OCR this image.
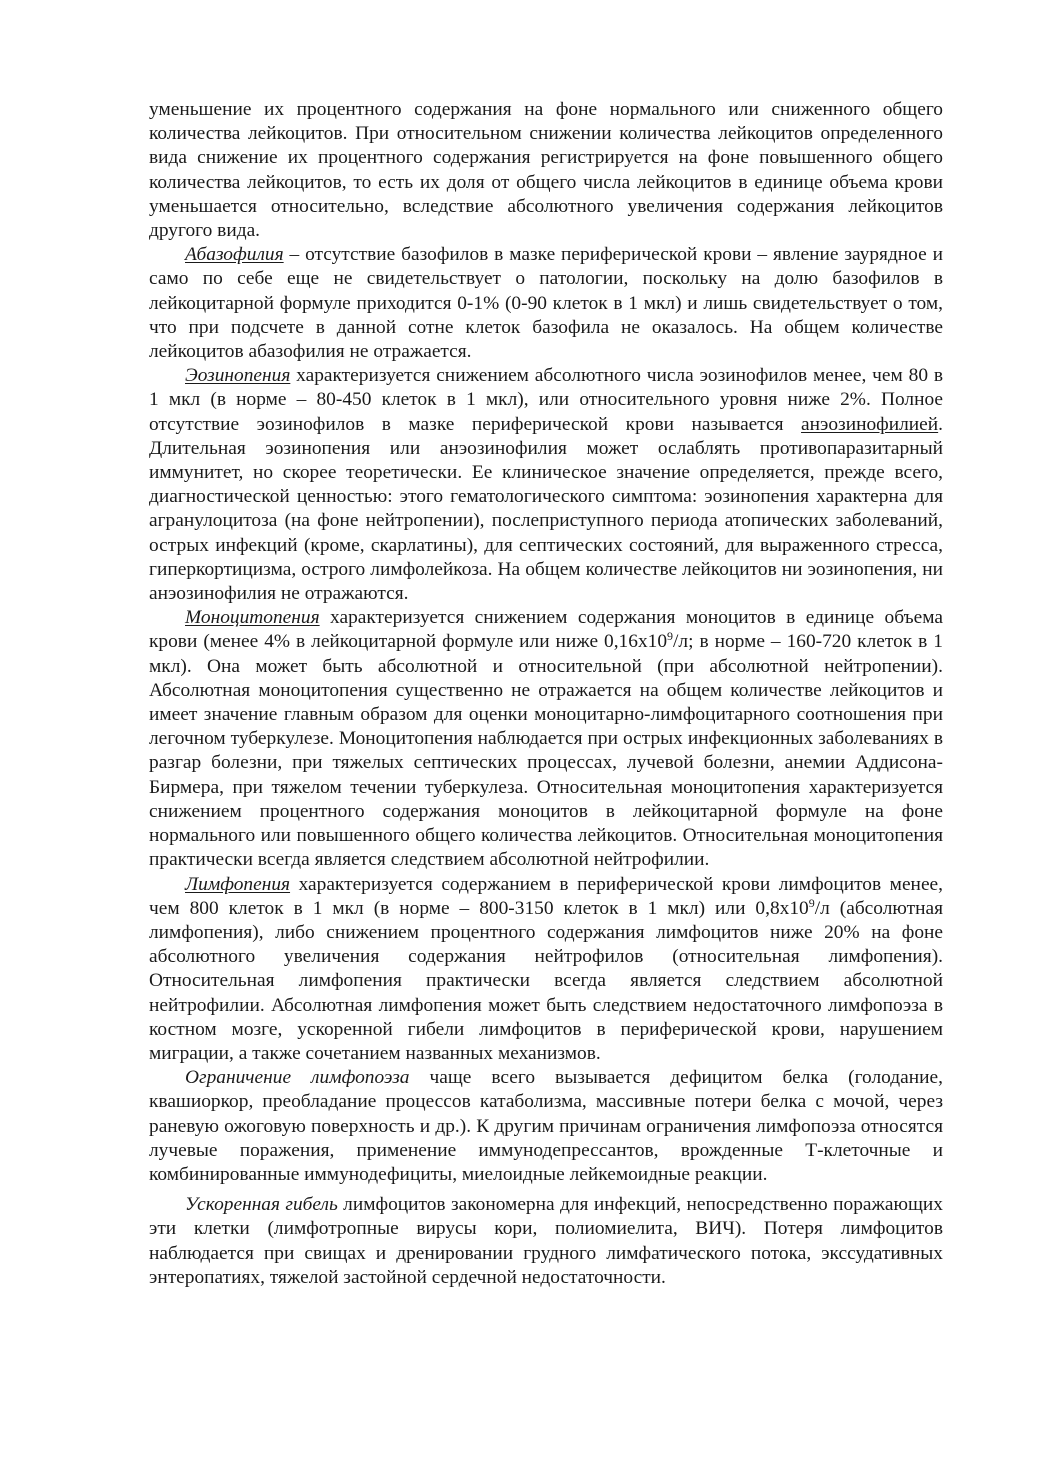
уменьшение их процентного содержания на фоне нормального или сниженного общего количества лейкоцитов. При относительном снижении количества лейкоцитов определенного вида снижение их процентного содержания регистрируется на фоне повышенного общего количества лейкоцитов, то есть их доля от общего числа лейкоцитов в единице объема крови уменьшается относительно, вследствие абсолютного увеличения содержания лейкоцитов другого вида.

Абазофилия – отсутствие базофилов в мазке периферической крови – явление заурядное и само по себе еще не свидетельствует о патологии, поскольку на долю базофилов в лейкоцитарной формуле приходится 0-1% (0-90 клеток в 1 мкл) и лишь свидетельствует о том, что при подсчете в данной сотне клеток базофила не оказалось. На общем количестве лейкоцитов абазофилия не отражается.

Эозинопения характеризуется снижением абсолютного числа эозинофилов менее, чем 80 в 1 мкл (в норме – 80-450 клеток в 1 мкл), или относительного уровня ниже 2%. Полное отсутствие эозинофилов в мазке периферической крови называется анэозинофилией. Длительная эозинопения или анэозинофилия может ослаблять противопаразитарный иммунитет, но скорее теоретически. Ее клиническое значение определяется, прежде всего, диагностической ценностью: этого гематологического симптома: эозинопения характерна для агранулоцитоза (на фоне нейтропении), послеприступного периода атопических заболеваний, острых инфекций (кроме, скарлатины), для септических состояний, для выраженного стресса, гиперкортицизма, острого лимфолейкоза. На общем количестве лейкоцитов ни эозинопения, ни анэозинофилия не отражаются.

Моноцитопения характеризуется снижением содержания моноцитов в единице объема крови (менее 4% в лейкоцитарной формуле или ниже $0,16х10^9/л$; в норме – 160-720 клеток в 1 мкл). Она может быть абсолютной и относительной (при абсолютной нейтропении). Абсолютная моноцитопения существенно не отражается на общем количестве лейкоцитов и имеет значение главным образом для оценки моноцитарно-лимфоцитарного соотношения при легочном туберкулезе. Моноцитопения наблюдается при острых инфекционных заболеваниях в разгар болезни, при тяжелых септических процессах, лучевой болезни, анемии Аддисона-Бирмера, при тяжелом течении туберкулеза. Относительная моноцитопения характеризуется снижением процентного содержания моноцитов в лейкоцитарной формуле на фоне нормального или повышенного общего количества лейкоцитов. Относительная моноцитопения практически всегда является следствием абсолютной нейтрофилии.

Лимфопения характеризуется содержанием в периферической крови лимфоцитов менее, чем 800 клеток в 1 мкл (в норме – 800-3150 клеток в 1 мкл) или $0,8х10^9/л$ (абсолютная лимфопения), либо снижением процентного содержания лимфоцитов ниже 20% на фоне абсолютного увеличения содержания нейтрофилов (относительная лимфопения). Относительная лимфопения практически всегда является следствием абсолютной нейтрофилии. Абсолютная лимфопения может быть следствием недостаточного лимфопоэза в костном мозге, ускоренной гибели лимфоцитов в периферической крови, нарушением миграции, а также сочетанием названных механизмов.

Ограничение лимфопоэза чаще всего вызывается дефицитом белка (голодание, квашиоркор, преобладание процессов катаболизма, массивные потери белка с мочой, через раневую ожоговую поверхность и др.). К другим причинам ограничения лимфопоэза относятся лучевые поражения, применение иммунодепрессантов, врожденные Т-клеточные и комбинированные иммунодефициты, миелоидные лейкемоидные реакции.

Ускоренная гибель лимфоцитов закономерна для инфекций, непосредственно поражающих эти клетки (лимфотропные вирусы кори, полиомиелита, ВИЧ). Потеря лимфоцитов наблюдается при свищах и дренировании грудного лимфатического потока, экссудативных энтеропатиях, тяжелой застойной сердечной недостаточности.
